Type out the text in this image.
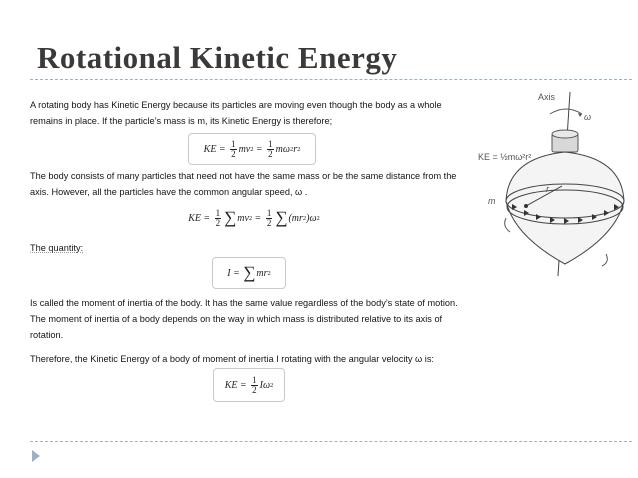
Rotational Kinetic Energy
A rotating body has Kinetic Energy because its particles are moving even though the body as a whole remains in place. If the particle’s mass is m, its Kinetic Energy is therefore;
KE = $\frac{1}{2}$ mv $2 = \frac{1}{2}$ mω 2 r 2
The body consists of many particles that need not have the same mass or be the same distance from the axis. However, all the particles have the common angular speed, ω .
KE = $\frac{1}{2}$ ∑ mv $2 = \frac{1}{2}$ ∑ (mr 2 )ω 2
The quantity:
I = ∑ mr 2
Is called the moment of inertia of the body. It has the same value regardless of the body’s state of motion. The moment of inertia of a body depends on the way in which mass is distributed relative to its axis of rotation.
Therefore, the Kinetic Energy of a body of moment of inertia I rotating with the angular velocity ω is:
KE = $\frac{1}{2}$ Iω 2
Axis
ω
KE = ½mω²r²
r
m
